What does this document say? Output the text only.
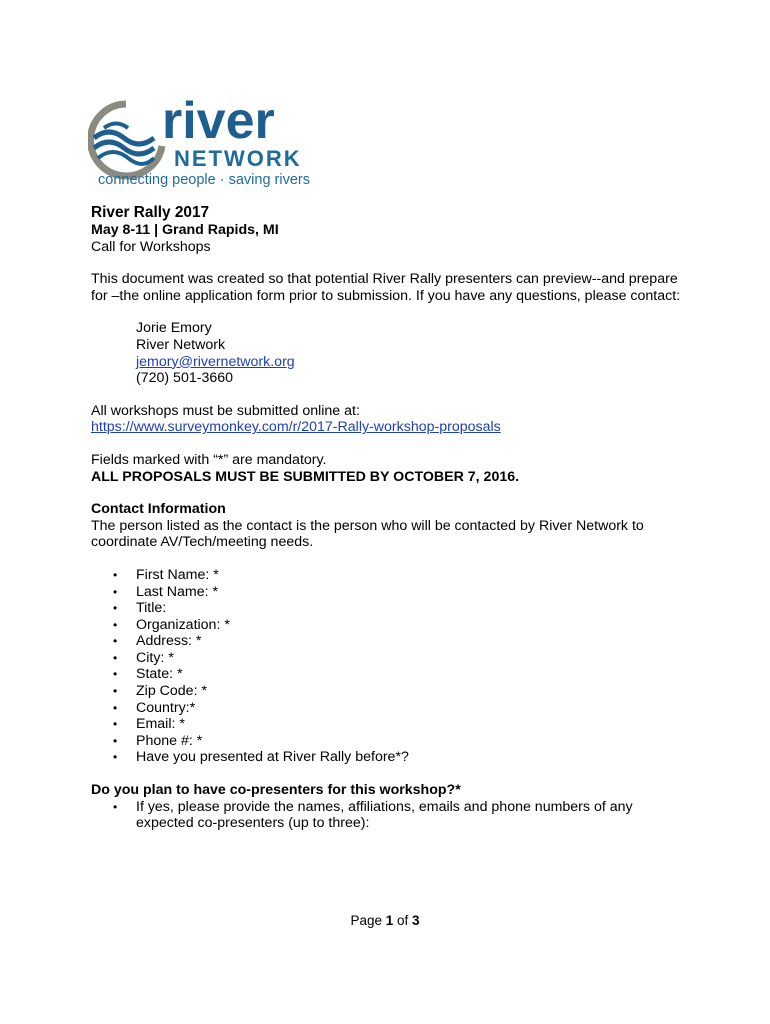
river
NETWORK
connecting people · saving rivers

River Rally 2017

May 8-11 | Grand Rapids, MI

Call for Workshops

This document was created so that potential River Rally presenters can preview--and prepare

for –the online application form prior to submission. If you have any questions, please contact:

Jorie Emory

River Network

jemory@rivernetwork.org

(720) 501-3660

All workshops must be submitted online at:

https://www.surveymonkey.com/r/2017-Rally-workshop-proposals

Fields marked with “*” are mandatory.

ALL PROPOSALS MUST BE SUBMITTED BY OCTOBER 7, 2016.

Contact Information

The person listed as the contact is the person who will be contacted by River Network to

coordinate AV/Tech/meeting needs.

• First Name: *
• Last Name: *
• Title:
• Organization: *
• Address: *
• City: *
• State: *
• Zip Code: *
• Country:*
• Email: *
• Phone #: *
• Have you presented at River Rally before*?

Do you plan to have co-presenters for this workshop?*

• If yes, please provide the names, affiliations, emails and phone numbers of any
expected co-presenters (up to three):
Page 1 of 3
